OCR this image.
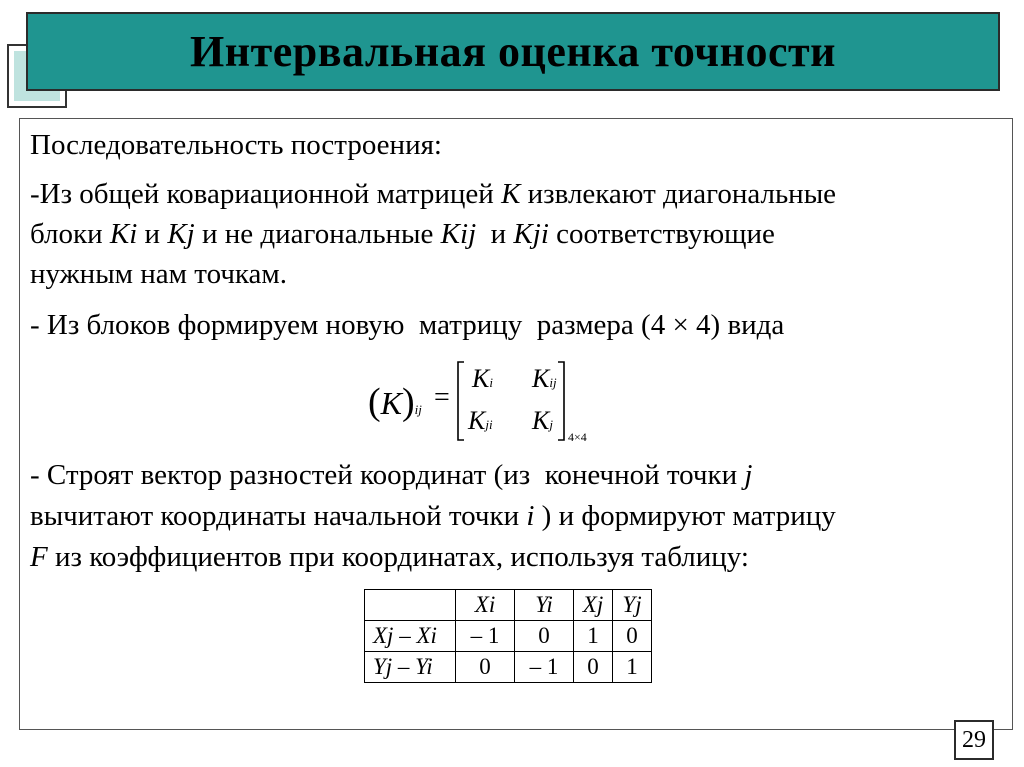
Интервальная оценка точности
Последовательность построения:
-Из общей ковариационной матрицей K извлекают диагональные
блоки Ki и Kj и не диагональные Kij  и Kji соответствующие
нужным нам точкам.
- Из блоков формируем новую  матрицу  размера (4 × 4) вида
(K)ij =
Ki Kij
Kji Kj
4×4
- Строят вектор разностей координат (из  конечной точки j
вычитают координаты начальной точки i ) и формируют матрицу
F из коэффициентов при координатах, используя таблицу:
	Xi	Yi	Xj	Yj
Xj – Xi	– 1	0	1	0
Yj – Yi	0	– 1	0	1
29
